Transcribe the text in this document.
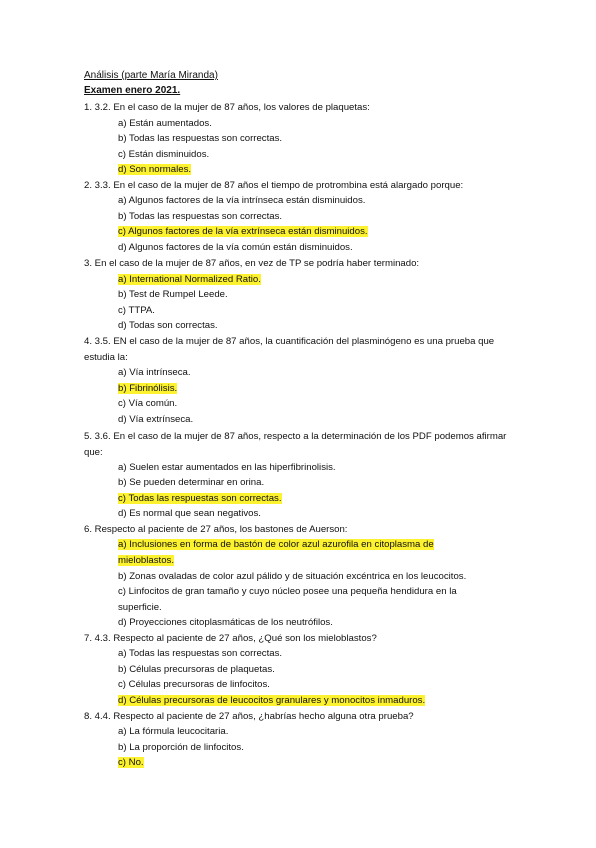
Análisis (parte María Miranda)
Examen enero 2021.
1. 3.2. En el caso de la mujer de 87 años, los valores de plaquetas:
a) Están aumentados.
b) Todas las respuestas son correctas.
c) Están disminuidos.
d) Son normales.
2. 3.3. En el caso de la mujer de 87 años el tiempo de protrombina está alargado porque:
a) Algunos factores de la vía intrínseca están disminuidos.
b) Todas las respuestas son correctas.
c) Algunos factores de la vía extrínseca están disminuidos.
d) Algunos factores de la vía común están disminuidos.
3. En el caso de la mujer de 87 años, en vez de TP se podría haber terminado:
a) International Normalized Ratio.
b) Test de Rumpel Leede.
c) TTPA.
d) Todas son correctas.
4. 3.5. EN el caso de la mujer de 87 años, la cuantificación del plasminógeno es una prueba que estudia la:
a) Vía intrínseca.
b) Fibrinólisis.
c) Vía común.
d) Vía extrínseca.
5. 3.6. En el caso de la mujer de 87 años, respecto a la determinación de los PDF podemos afirmar que:
a) Suelen estar aumentados en las hiperfibrinolisis.
b) Se pueden determinar en orina.
c) Todas las respuestas son correctas.
d) Es normal que sean negativos.
6. Respecto al paciente de 27 años, los bastones de Auerson:
a) Inclusiones en forma de bastón de color azul azurofila en citoplasma de mieloblastos.
b) Zonas ovaladas de color azul pálido y de situación excéntrica en los leucocitos.
c) Linfocitos de gran tamaño y cuyo núcleo posee una pequeña hendidura en la superficie.
d) Proyecciones citoplasmáticas de los neutrófilos.
7. 4.3. Respecto al paciente de 27 años, ¿Qué son los mieloblastos?
a) Todas las respuestas son correctas.
b) Células precursoras de plaquetas.
c) Células precursoras de linfocitos.
d) Células precursoras de leucocitos granulares y monocitos inmaduros.
8. 4.4. Respecto al paciente de 27 años, ¿habrías hecho alguna otra prueba?
a) La fórmula leucocitaria.
b) La proporción de linfocitos.
c) No.
